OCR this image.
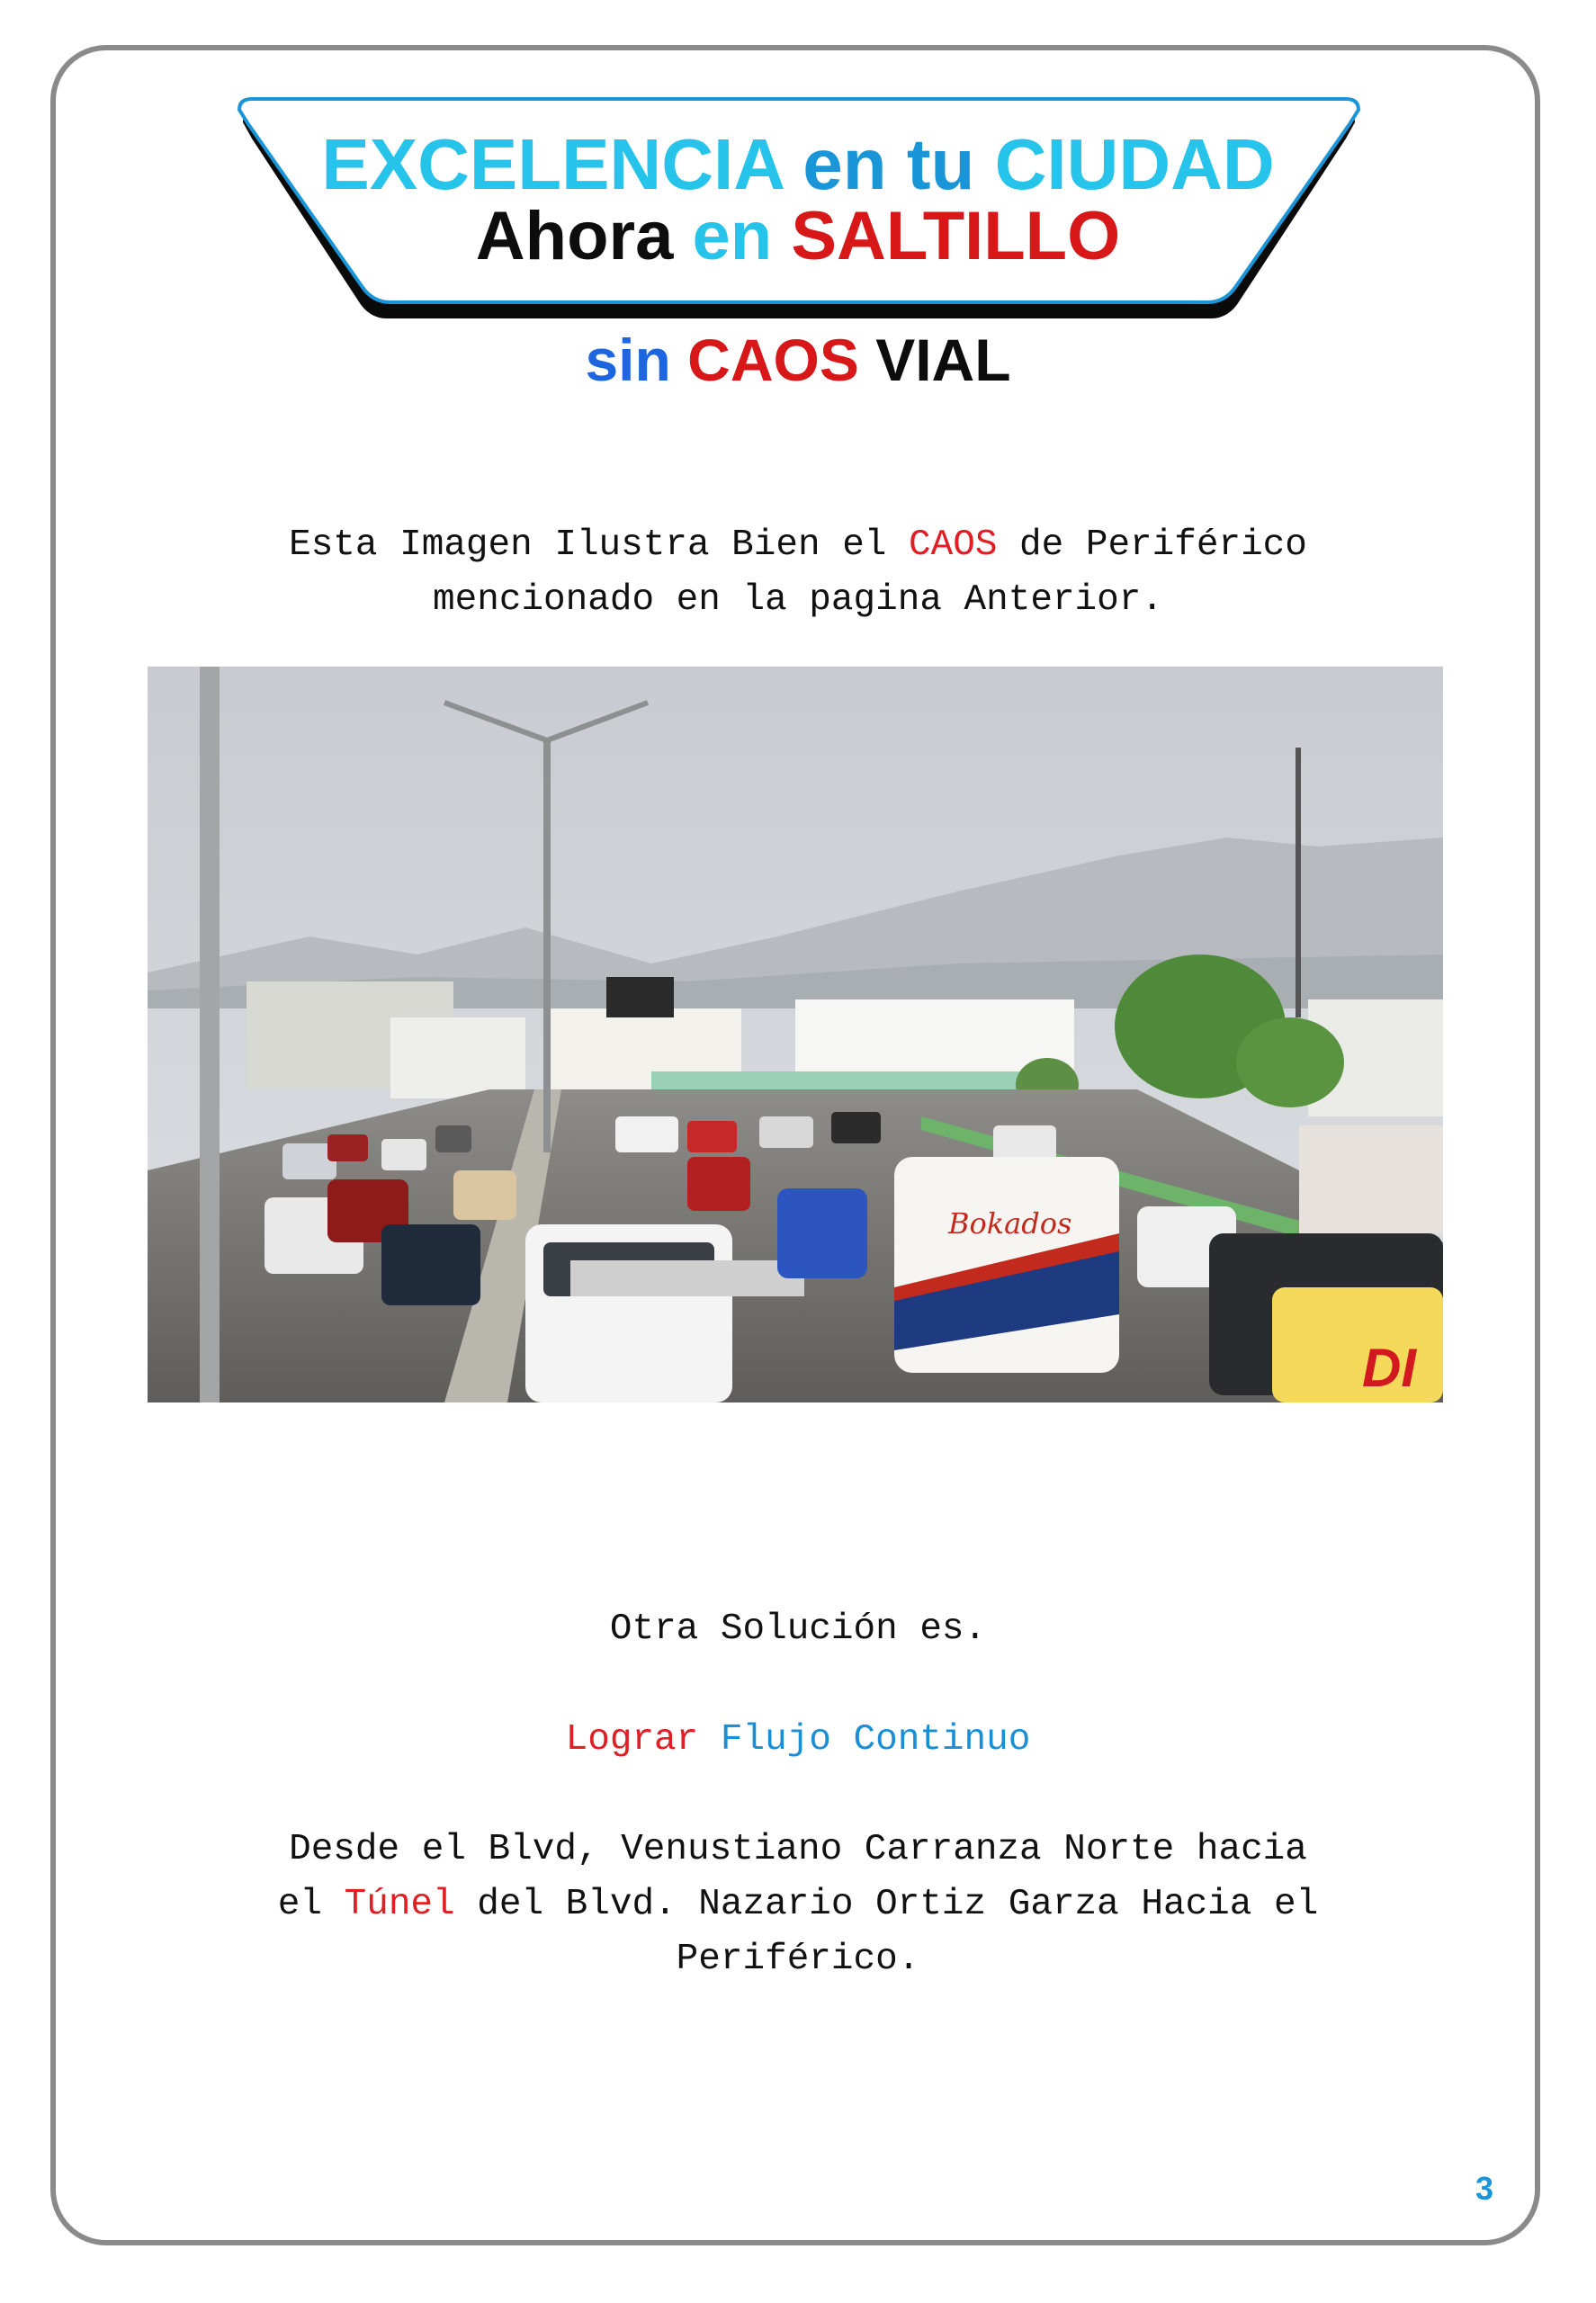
EXCELENCIA en tu CIUDAD
Ahora en SALTILLO
sin CAOS VIAL
Esta Imagen Ilustra Bien el CAOS de Periférico
mencionado en la pagina Anterior.
Bokados
DI
Otra Solución es.
Lograr Flujo Continuo
Desde el Blvd, Venustiano Carranza Norte hacia
el Túnel del Blvd. Nazario Ortiz Garza Hacia el
Periférico.
3
